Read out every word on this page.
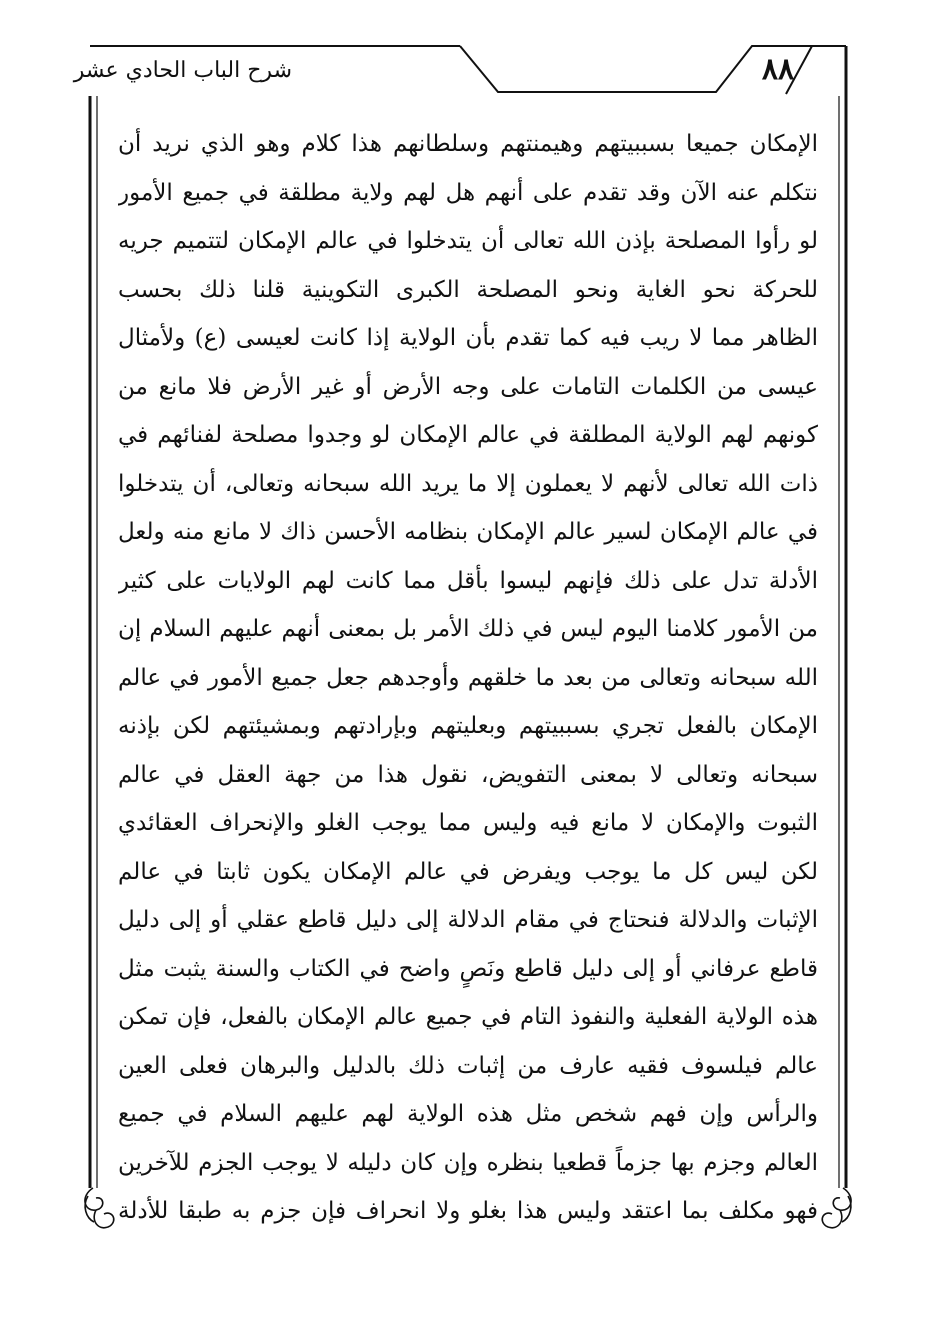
شرح الباب الحادي عشر	٨٨
الإمكان جميعا بسببيتهم وهيمنتهم وسلطانهم هذا كلام وهو الذي نريد أن
نتكلم عنه الآن وقد تقدم على أنهم هل لهم ولاية مطلقة في جميع الأمور
لو رأوا المصلحة بإذن الله تعالى أن يتدخلوا في عالم الإمكان لتتميم جريه
للحركة نحو الغاية ونحو المصلحة الكبرى التكوينية قلنا ذلك بحسب
الظاهر مما لا ريب فيه كما تقدم بأن الولاية إذا كانت لعيسى (ع) ولأمثال
عيسى من الكلمات التامات على وجه الأرض أو غير الأرض فلا مانع من
كونهم لهم الولاية المطلقة في عالم الإمكان لو وجدوا مصلحة لفنائهم في
ذات الله تعالى لأنهم لا يعملون إلا ما يريد الله سبحانه وتعالى، أن يتدخلوا
في عالم الإمكان لسير عالم الإمكان بنظامه الأحسن ذاك لا مانع منه ولعل
الأدلة تدل على ذلك فإنهم ليسوا بأقل مما كانت لهم الولايات على كثير
من الأمور كلامنا اليوم ليس في ذلك الأمر بل بمعنى أنهم عليهم السلام إن
الله سبحانه وتعالى من بعد ما خلقهم وأوجدهم جعل جميع الأمور في عالم
الإمكان بالفعل تجري بسببيتهم وبعليتهم وبإرادتهم وبمشيئتهم لكن بإذنه
سبحانه وتعالى لا بمعنى التفويض، نقول هذا من جهة العقل في عالم
الثبوت والإمكان لا مانع فيه وليس مما يوجب الغلو والإنحراف العقائدي
لكن ليس كل ما يوجب ويفرض في عالم الإمكان يكون ثابتا في عالم
الإثبات والدلالة فنحتاج في مقام الدلالة إلى دليل قاطع عقلي أو إلى دليل
قاطع عرفاني أو إلى دليل قاطع ونَصٍ واضح في الكتاب والسنة يثبت مثل
هذه الولاية الفعلية والنفوذ التام في جميع عالم الإمكان بالفعل، فإن تمكن
عالم فيلسوف فقيه عارف من إثبات ذلك بالدليل والبرهان فعلى العين
والرأس وإن فهم شخص مثل هذه الولاية لهم عليهم السلام في جميع
العالم وجزم بها جزماً قطعيا بنظره وإن كان دليله لا يوجب الجزم للآخرين
فهو مكلف بما اعتقد وليس هذا بغلو ولا انحراف فإن جزم به طبقا للأدلة
